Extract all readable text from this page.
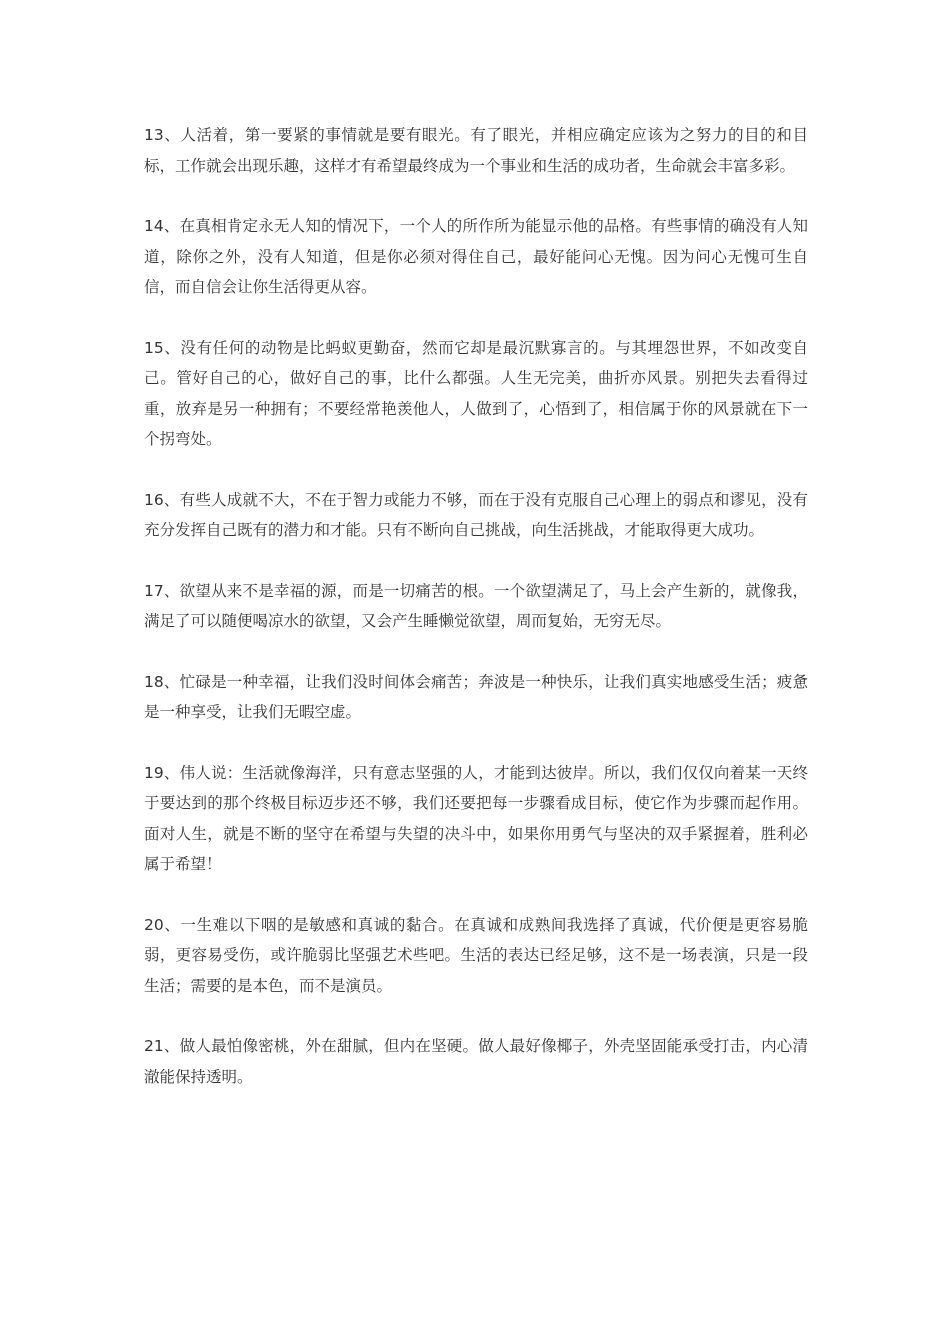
13、人活着，第一要紧的事情就是要有眼光。有了眼光，并相应确定应该为之努力的目的和目标，工作就会出现乐趣，这样才有希望最终成为一个事业和生活的成功者，生命就会丰富多彩。

14、在真相肯定永无人知的情况下，一个人的所作所为能显示他的品格。有些事情的确没有人知道，除你之外，没有人知道，但是你必须对得住自己，最好能问心无愧。因为问心无愧可生自信，而自信会让你生活得更从容。

15、没有任何的动物是比蚂蚁更勤奋，然而它却是最沉默寡言的。与其埋怨世界，不如改变自己。管好自己的心，做好自己的事，比什么都强。人生无完美，曲折亦风景。别把失去看得过重，放弃是另一种拥有；不要经常艳羡他人，人做到了，心悟到了，相信属于你的风景就在下一个拐弯处。

16、有些人成就不大，不在于智力或能力不够，而在于没有克服自己心理上的弱点和谬见，没有充分发挥自己既有的潜力和才能。只有不断向自己挑战，向生活挑战，才能取得更大成功。

17、欲望从来不是幸福的源，而是一切痛苦的根。一个欲望满足了，马上会产生新的，就像我，满足了可以随便喝凉水的欲望，又会产生睡懒觉欲望，周而复始，无穷无尽。

18、忙碌是一种幸福，让我们没时间体会痛苦；奔波是一种快乐，让我们真实地感受生活；疲惫是一种享受，让我们无暇空虚。

19、伟人说：生活就像海洋，只有意志坚强的人，才能到达彼岸。所以，我们仅仅向着某一天终于要达到的那个终极目标迈步还不够，我们还要把每一步骤看成目标，使它作为步骤而起作用。面对人生，就是不断的坚守在希望与失望的决斗中，如果你用勇气与坚决的双手紧握着，胜利必属于希望！

20、一生难以下咽的是敏感和真诚的黏合。在真诚和成熟间我选择了真诚，代价便是更容易脆弱，更容易受伤，或许脆弱比坚强艺术些吧。生活的表达已经足够，这不是一场表演，只是一段生活；需要的是本色，而不是演员。

21、做人最怕像密桃，外在甜腻，但内在坚硬。做人最好像椰子，外壳坚固能承受打击，内心清澈能保持透明。
